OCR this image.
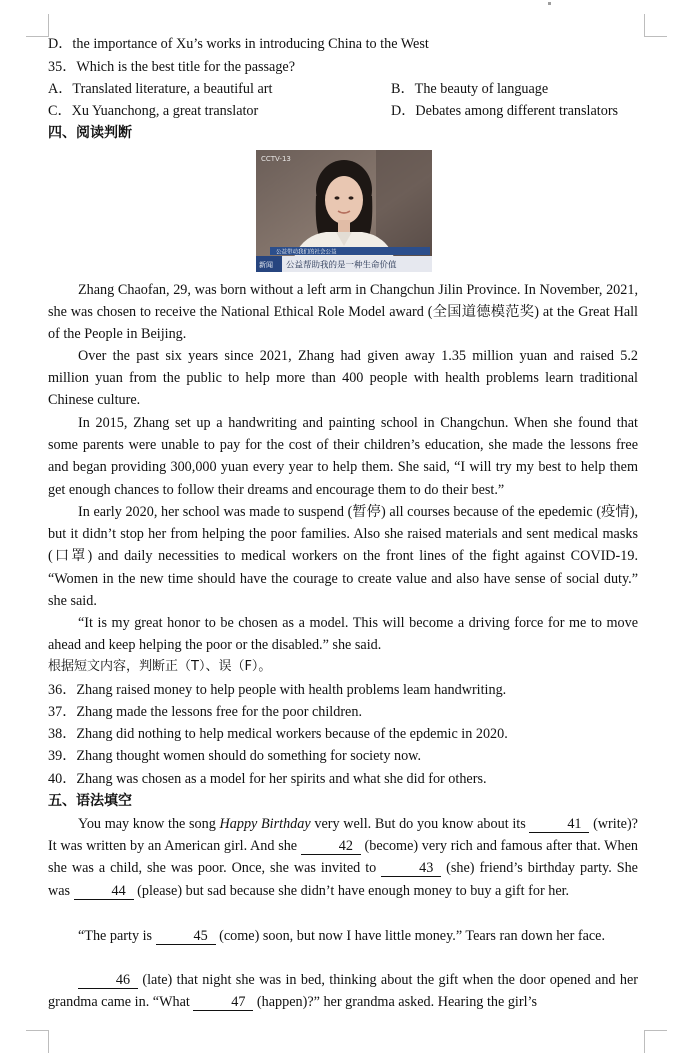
D．the importance of Xu’s works in introducing China to the West
35．Which is the best title for the passage?
A．Translated literature, a beautiful art	B．The beauty of language
C．Xu Yuanchong, a great translator	D．Debates among different translators
四、阅读判断
CCTV-13
公益带动我们的社会公益
新闻 公益帮助我的是一种生命价值

Zhang Chaofan, 29, was born without a left arm in Changchun Jilin Province. In November, 2021, she was chosen to receive the National Ethical Role Model award (全国道德模范奖) at the Great Hall of the People in Beijing.

Over the past six years since 2021, Zhang had given away 1.35 million yuan and raised 5.2 million yuan from the public to help more than 400 people with health problems learn traditional Chinese culture.

In 2015, Zhang set up a handwriting and painting school in Changchun. When she found that some parents were unable to pay for the cost of their children’s education, she made the lessons free and began providing 300,000 yuan every year to help them. She said, “I will try my best to help them get enough chances to follow their dreams and encourage them to do their best.”

In early 2020, her school was made to suspend (暂停) all courses because of the epedemic (疫情), but it didn’t stop her from helping the poor families. Also she raised materials and sent medical masks (口罩) and daily necessities to medical workers on the front lines of the fight against COVID-19. “Women in the new time should have the courage to create value and also have sense of social duty.” she said.

“It is my great honor to be chosen as a model. This will become a driving force for me to move ahead and keep helping the poor or the disabled.” she said.

根据短文内容，判断正（T）、误（F）。
36．Zhang raised money to help people with health problems leam handwriting.
37．Zhang made the lessons free for the poor children.
38．Zhang did nothing to help medical workers because of the epdemic in 2020.
39．Zhang thought women should do something for society now.
40．Zhang was chosen as a model for her spirits and what she did for others.
五、语法填空

You may know the song Happy Birthday very well. But do you know about its	41 (write)? It was written by an American girl. And she	42 (become) very rich and famous after that. When she was a child, she was poor. Once, she was invited to	43 (she) friend’s birthday party. She was	44 (please) but sad because she didn’t have enough money to buy a gift for her.

“The party is	45 (come) soon, but now I have little money.” Tears ran down her face.

46 (late) that night she was in bed, thinking about the gift when the door opened and her grandma came in. “What	47 (happen)?” her grandma asked. Hearing the girl’s
